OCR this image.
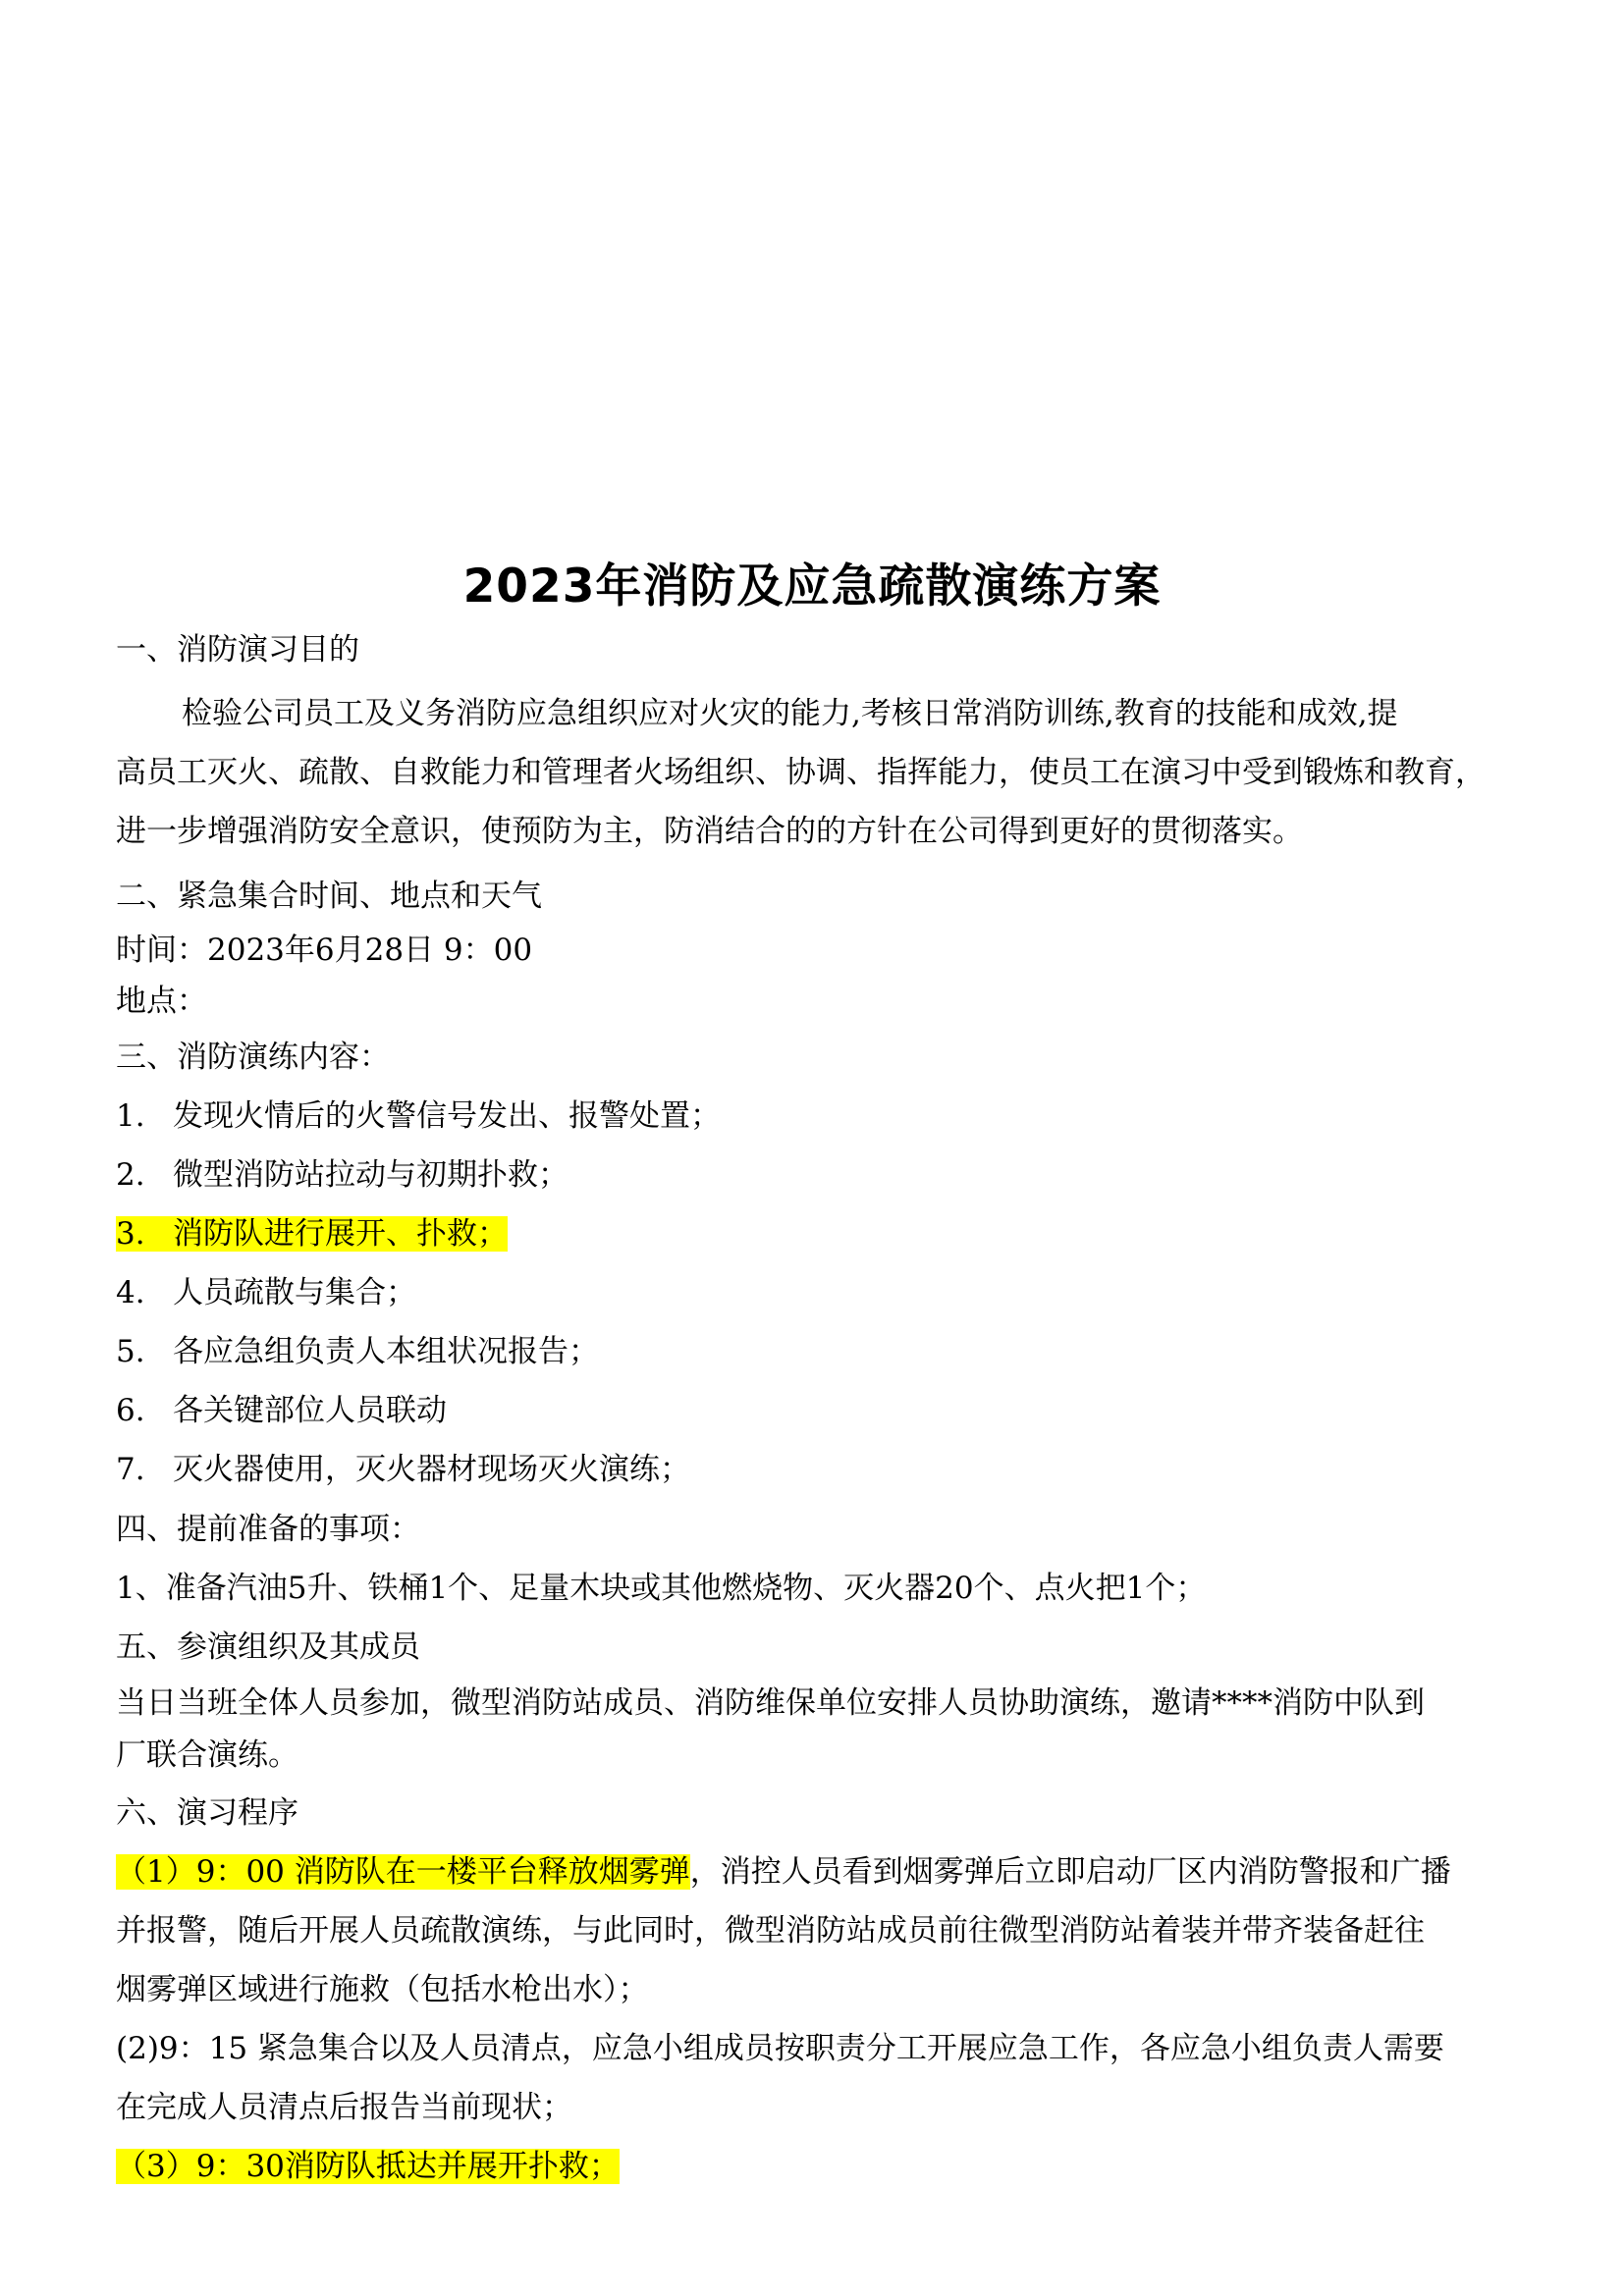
2023年消防及应急疏散演练方案
一、消防演习目的
检验公司员工及义务消防应急组织应对火灾的能力,考核日常消防训练,教育的技能和成效,提
高员工灭火、疏散、自救能力和管理者火场组织、协调、指挥能力，使员工在演习中受到锻炼和教育，
进一步增强消防安全意识，使预防为主，防消结合的的方针在公司得到更好的贯彻落实。
二、紧急集合时间、地点和天气
时间：2023年6月28日 9：00
地点：
三、消防演练内容：
1. 发现火情后的火警信号发出、报警处置；
2. 微型消防站拉动与初期扑救；
3. 消防队进行展开、扑救；
4. 人员疏散与集合；
5. 各应急组负责人本组状况报告；
6. 各关键部位人员联动
7. 灭火器使用，灭火器材现场灭火演练；
四、提前准备的事项：
1、准备汽油5升、铁桶1个、足量木块或其他燃烧物、灭火器20个、点火把1个；
五、参演组织及其成员
当日当班全体人员参加，微型消防站成员、消防维保单位安排人员协助演练，邀请****消防中队到
厂联合演练。
六、演习程序
（1）9：00 消防队在一楼平台释放烟雾弹，消控人员看到烟雾弹后立即启动厂区内消防警报和广播
并报警，随后开展人员疏散演练，与此同时，微型消防站成员前往微型消防站着装并带齐装备赶往
烟雾弹区域进行施救（包括水枪出水）；
(2)9：15 紧急集合以及人员清点，应急小组成员按职责分工开展应急工作，各应急小组负责人需要
在完成人员清点后报告当前现状；
（3）9：30消防队抵达并展开扑救；
